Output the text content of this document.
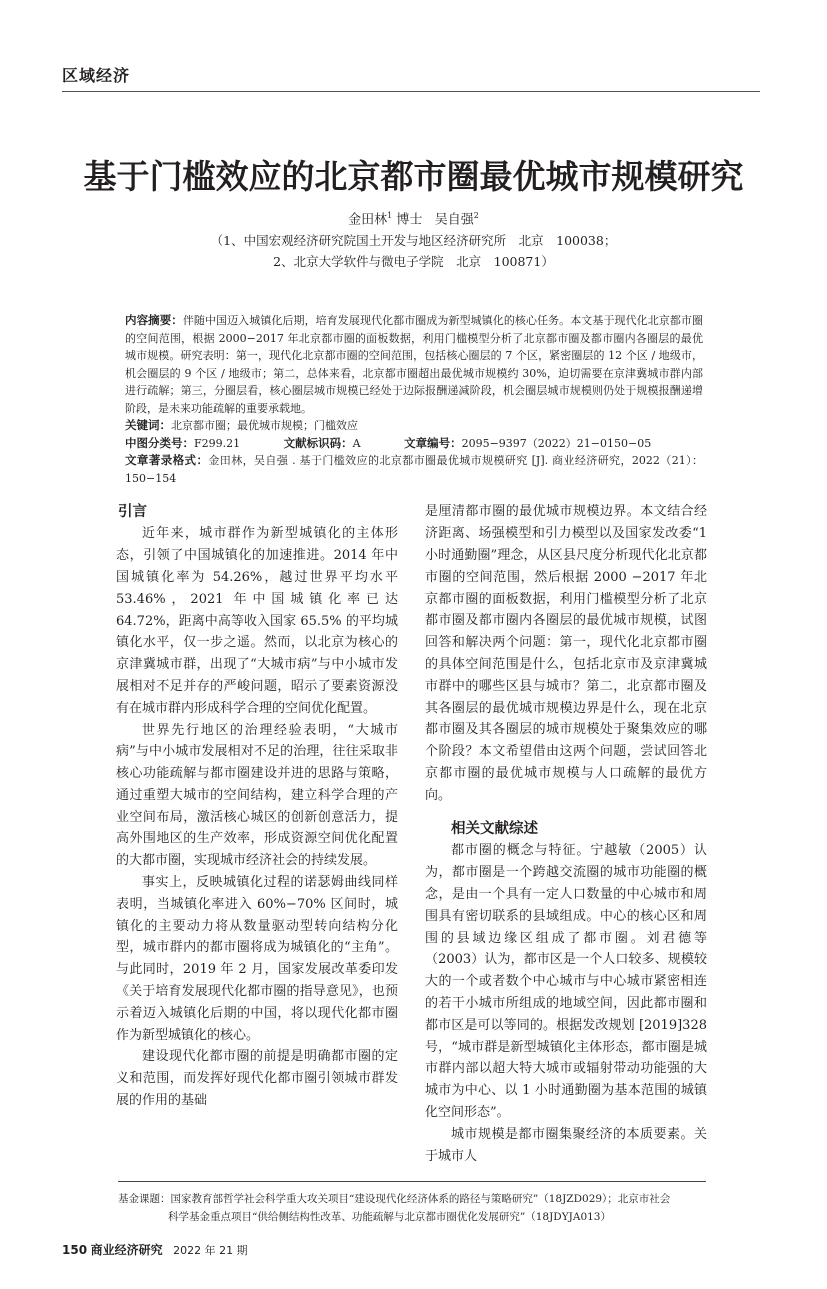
区域经济
基于门槛效应的北京都市圈最优城市规模研究
金田林$^1$ 博士 吴自强$^2$
（1、中国宏观经济研究院国土开发与地区经济研究所　北京　100038；
2、北京大学软件与微电子学院　北京　100871）
内容摘要：伴随中国迈入城镇化后期，培育发展现代化都市圈成为新型城镇化的核心任务。本文基于现代化北京都市圈的空间范围，根据 2000−2017 年北京都市圈的面板数据，利用门槛模型分析了北京都市圈及都市圈内各圈层的最优城市规模。研究表明：第一，现代化北京都市圈的空间范围，包括核心圈层的 7 个区，紧密圈层的 12 个区 / 地级市，机会圈层的 9 个区 / 地级市；第二，总体来看，北京都市圈超出最优城市规模约 30%，迫切需要在京津冀城市群内部进行疏解；第三，分圈层看，核心圈层城市规模已经处于边际报酬递减阶段，机会圈层城市规模则仍处于规模报酬递增阶段，是未来功能疏解的重要承载地。
关键词：北京都市圈；最优城市规模；门槛效应
中图分类号：F299.21	文献标识码：A	文章编号：2095−9397（2022）21−0150−05
文章著录格式：金田林，吴自强 . 基于门槛效应的北京都市圈最优城市规模研究 [J]. 商业经济研究，2022（21）：150−154
引言

近年来，城市群作为新型城镇化的主体形态，引领了中国城镇化的加速推进。2014 年中国城镇化率为 54.26%，越过世界平均水平 53.46%，2021 年中国城镇化率已达 64.72%，距离中高等收入国家 65.5% 的平均城镇化水平，仅一步之遥。然而，以北京为核心的京津冀城市群，出现了“大城市病”与中小城市发展相对不足并存的严峻问题，昭示了要素资源没有在城市群内形成科学合理的空间优化配置。

世界先行地区的治理经验表明，“大城市病”与中小城市发展相对不足的治理，往往采取非核心功能疏解与都市圈建设并进的思路与策略，通过重塑大城市的空间结构，建立科学合理的产业空间布局，激活核心城区的创新创意活力，提高外围地区的生产效率，形成资源空间优化配置的大都市圈，实现城市经济社会的持续发展。

事实上，反映城镇化过程的诺瑟姆曲线同样表明，当城镇化率进入 60%−70% 区间时，城镇化的主要动力将从数量驱动型转向结构分化型，城市群内的都市圈将成为城镇化的“主角”。与此同时，2019 年 2 月，国家发展改革委印发《关于培育发展现代化都市圈的指导意见》，也预示着迈入城镇化后期的中国，将以现代化都市圈作为新型城镇化的核心。

建设现代化都市圈的前提是明确都市圈的定义和范围，而发挥好现代化都市圈引领城市群发展的作用的基础

是厘清都市圈的最优城市规模边界。本文结合经济距离、场强模型和引力模型以及国家发改委“1 小时通勤圈”理念，从区县尺度分析现代化北京都市圈的空间范围，然后根据 2000 −2017 年北京都市圈的面板数据，利用门槛模型分析了北京都市圈及都市圈内各圈层的最优城市规模，试图回答和解决两个问题：第一，现代化北京都市圈的具体空间范围是什么，包括北京市及京津冀城市群中的哪些区县与城市？第二，北京都市圈及其各圈层的最优城市规模边界是什么，现在北京都市圈及其各圈层的城市规模处于聚集效应的哪个阶段？本文希望借由这两个问题，尝试回答北京都市圈的最优城市规模与人口疏解的最优方向。

相关文献综述

都市圈的概念与特征。宁越敏（2005）认为，都市圈是一个跨越交流圈的城市功能圈的概念，是由一个具有一定人口数量的中心城市和周围具有密切联系的县域组成。中心的核心区和周围的县域边缘区组成了都市圈。刘君德等（2003）认为，都市区是一个人口较多、规模较大的一个或者数个中心城市与中心城市紧密相连的若干小城市所组成的地域空间，因此都市圈和都市区是可以等同的。根据发改规划 [2019]328 号，“城市群是新型城镇化主体形态，都市圈是城市群内部以超大特大城市或辐射带动功能强的大城市为中心、以 1 小时通勤圈为基本范围的城镇化空间形态”。

城市规模是都市圈集聚经济的本质要素。关于城市人

基金课题：国家教育部哲学社会科学重大攻关项目“建设现代化经济体系的路径与策略研究”（18JZD029）；北京市社会
科学基金重点项目“供给侧结构性改革、功能疏解与北京都市圈优化发展研究”（18JDYJA013）
150 商业经济研究 2022 年 21 期
